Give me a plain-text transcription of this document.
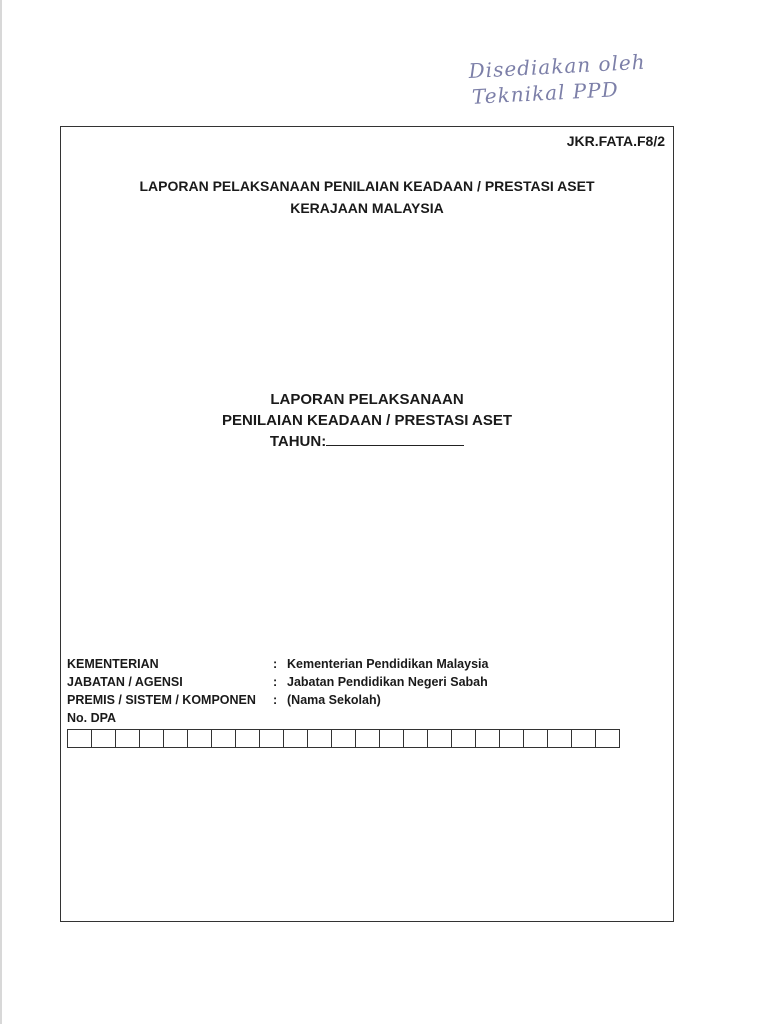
Disediakan oleh
Teknikal PPD
JKR.FATA.F8/2
LAPORAN PELAKSANAAN PENILAIAN KEADAAN / PRESTASI ASET
KERAJAAN MALAYSIA
LAPORAN PELAKSANAAN
PENILAIAN KEADAAN / PRESTASI ASET
TAHUN:
KEMENTERIAN	: Kementerian Pendidikan Malaysia
JABATAN / AGENSI	: Jabatan Pendidikan Negeri Sabah
PREMIS / SISTEM / KOMPONEN	: (Nama Sekolah)
No. DPA
